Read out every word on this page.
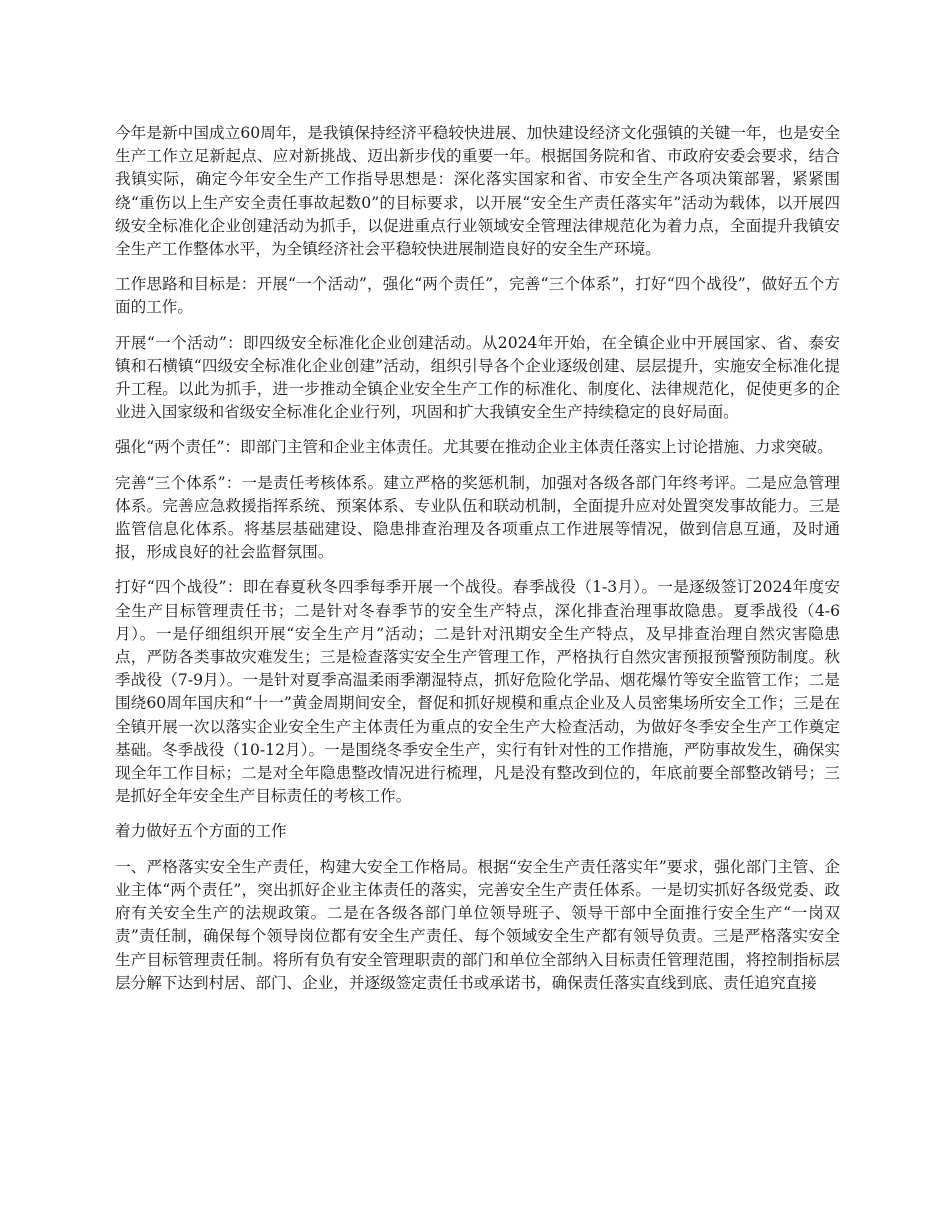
今年是新中国成立60周年，是我镇保持经济平稳较快进展、加快建设经济文化强镇的关键一年，也是安全生产工作立足新起点、应对新挑战、迈出新步伐的重要一年。根据国务院和省、市政府安委会要求，结合我镇实际，确定今年安全生产工作指导思想是：深化落实国家和省、市安全生产各项决策部署，紧紧围绕“重伤以上生产安全责任事故起数0”的目标要求，以开展“安全生产责任落实年”活动为载体，以开展四级安全标准化企业创建活动为抓手，以促进重点行业领域安全管理法律规范化为着力点，全面提升我镇安全生产工作整体水平，为全镇经济社会平稳较快进展制造良好的安全生产环境。

工作思路和目标是：开展“一个活动”，强化“两个责任”，完善“三个体系”，打好“四个战役”，做好五个方面的工作。

开展“一个活动”：即四级安全标准化企业创建活动。从2024年开始，在全镇企业中开展国家、省、泰安镇和石横镇“四级安全标准化企业创建”活动，组织引导各个企业逐级创建、层层提升，实施安全标准化提升工程。以此为抓手，进一步推动全镇企业安全生产工作的标准化、制度化、法律规范化，促使更多的企业进入国家级和省级安全标准化企业行列，巩固和扩大我镇安全生产持续稳定的良好局面。

强化“两个责任”：即部门主管和企业主体责任。尤其要在推动企业主体责任落实上讨论措施、力求突破。

完善“三个体系”：一是责任考核体系。建立严格的奖惩机制，加强对各级各部门年终考评。二是应急管理体系。完善应急救援指挥系统、预案体系、专业队伍和联动机制，全面提升应对处置突发事故能力。三是监管信息化体系。将基层基础建设、隐患排查治理及各项重点工作进展等情况，做到信息互通，及时通报，形成良好的社会监督氛围。

打好“四个战役”：即在春夏秋冬四季每季开展一个战役。春季战役（1-3月）。一是逐级签订2024年度安全生产目标管理责任书；二是针对冬春季节的安全生产特点，深化排查治理事故隐患。夏季战役（4-6月）。一是仔细组织开展“安全生产月”活动；二是针对汛期安全生产特点，及早排查治理自然灾害隐患点，严防各类事故灾难发生；三是检查落实安全生产管理工作，严格执行自然灾害预报预警预防制度。秋季战役（7-9月）。一是针对夏季高温柔雨季潮湿特点，抓好危险化学品、烟花爆竹等安全监管工作；二是围绕60周年国庆和“十一”黄金周期间安全，督促和抓好规模和重点企业及人员密集场所安全工作；三是在全镇开展一次以落实企业安全生产主体责任为重点的安全生产大检查活动，为做好冬季安全生产工作奠定基础。冬季战役（10-12月）。一是围绕冬季安全生产，实行有针对性的工作措施，严防事故发生，确保实现全年工作目标；二是对全年隐患整改情况进行梳理，凡是没有整改到位的，年底前要全部整改销号；三是抓好全年安全生产目标责任的考核工作。

着力做好五个方面的工作

一、严格落实安全生产责任，构建大安全工作格局。根据“安全生产责任落实年”要求，强化部门主管、企业主体“两个责任”，突出抓好企业主体责任的落实，完善安全生产责任体系。一是切实抓好各级党委、政府有关安全生产的法规政策。二是在各级各部门单位领导班子、领导干部中全面推行安全生产“一岗双责”责任制，确保每个领导岗位都有安全生产责任、每个领域安全生产都有领导负责。三是严格落实安全生产目标管理责任制。将所有负有安全管理职责的部门和单位全部纳入目标责任管理范围，将控制指标层层分解下达到村居、部门、企业，并逐级签定责任书或承诺书，确保责任落实直线到底、责任追究直接
